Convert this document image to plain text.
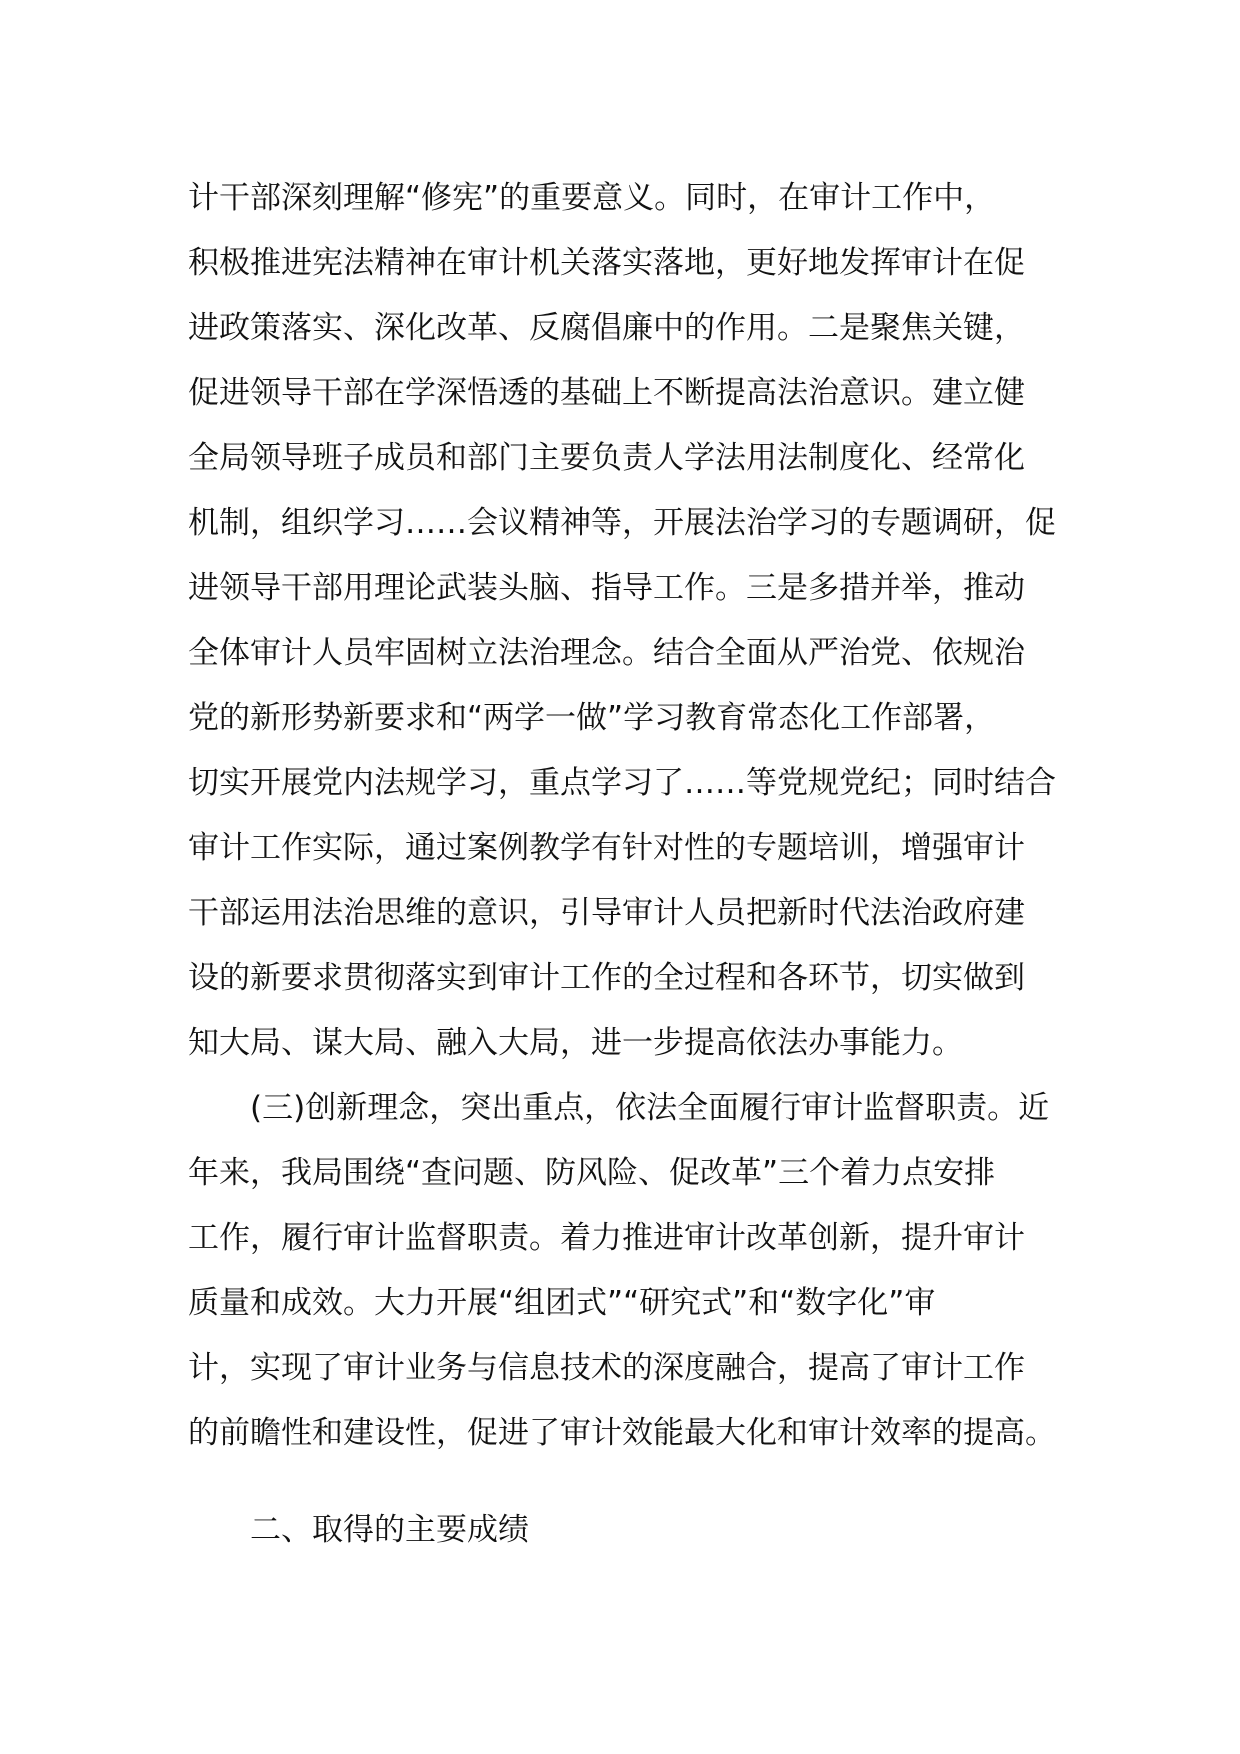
计干部深刻理解“修宪”的重要意义。同时，在审计工作中，
积极推进宪法精神在审计机关落实落地，更好地发挥审计在促
进政策落实、深化改革、反腐倡廉中的作用。二是聚焦关键，
促进领导干部在学深悟透的基础上不断提高法治意识。建立健
全局领导班子成员和部门主要负责人学法用法制度化、经常化
机制，组织学习……会议精神等，开展法治学习的专题调研，促
进领导干部用理论武装头脑、指导工作。三是多措并举，推动
全体审计人员牢固树立法治理念。结合全面从严治党、依规治
党的新形势新要求和“两学一做”学习教育常态化工作部署，
切实开展党内法规学习，重点学习了……等党规党纪；同时结合
审计工作实际，通过案例教学有针对性的专题培训，增强审计
干部运用法治思维的意识，引导审计人员把新时代法治政府建
设的新要求贯彻落实到审计工作的全过程和各环节，切实做到
知大局、谋大局、融入大局，进一步提高依法办事能力。
(三)创新理念，突出重点，依法全面履行审计监督职责。近
年来，我局围绕“查问题、防风险、促改革”三个着力点安排
工作，履行审计监督职责。着力推进审计改革创新，提升审计
质量和成效。大力开展“组团式”“研究式”和“数字化”审
计，实现了审计业务与信息技术的深度融合，提高了审计工作
的前瞻性和建设性，促进了审计效能最大化和审计效率的提高。
二、取得的主要成绩
